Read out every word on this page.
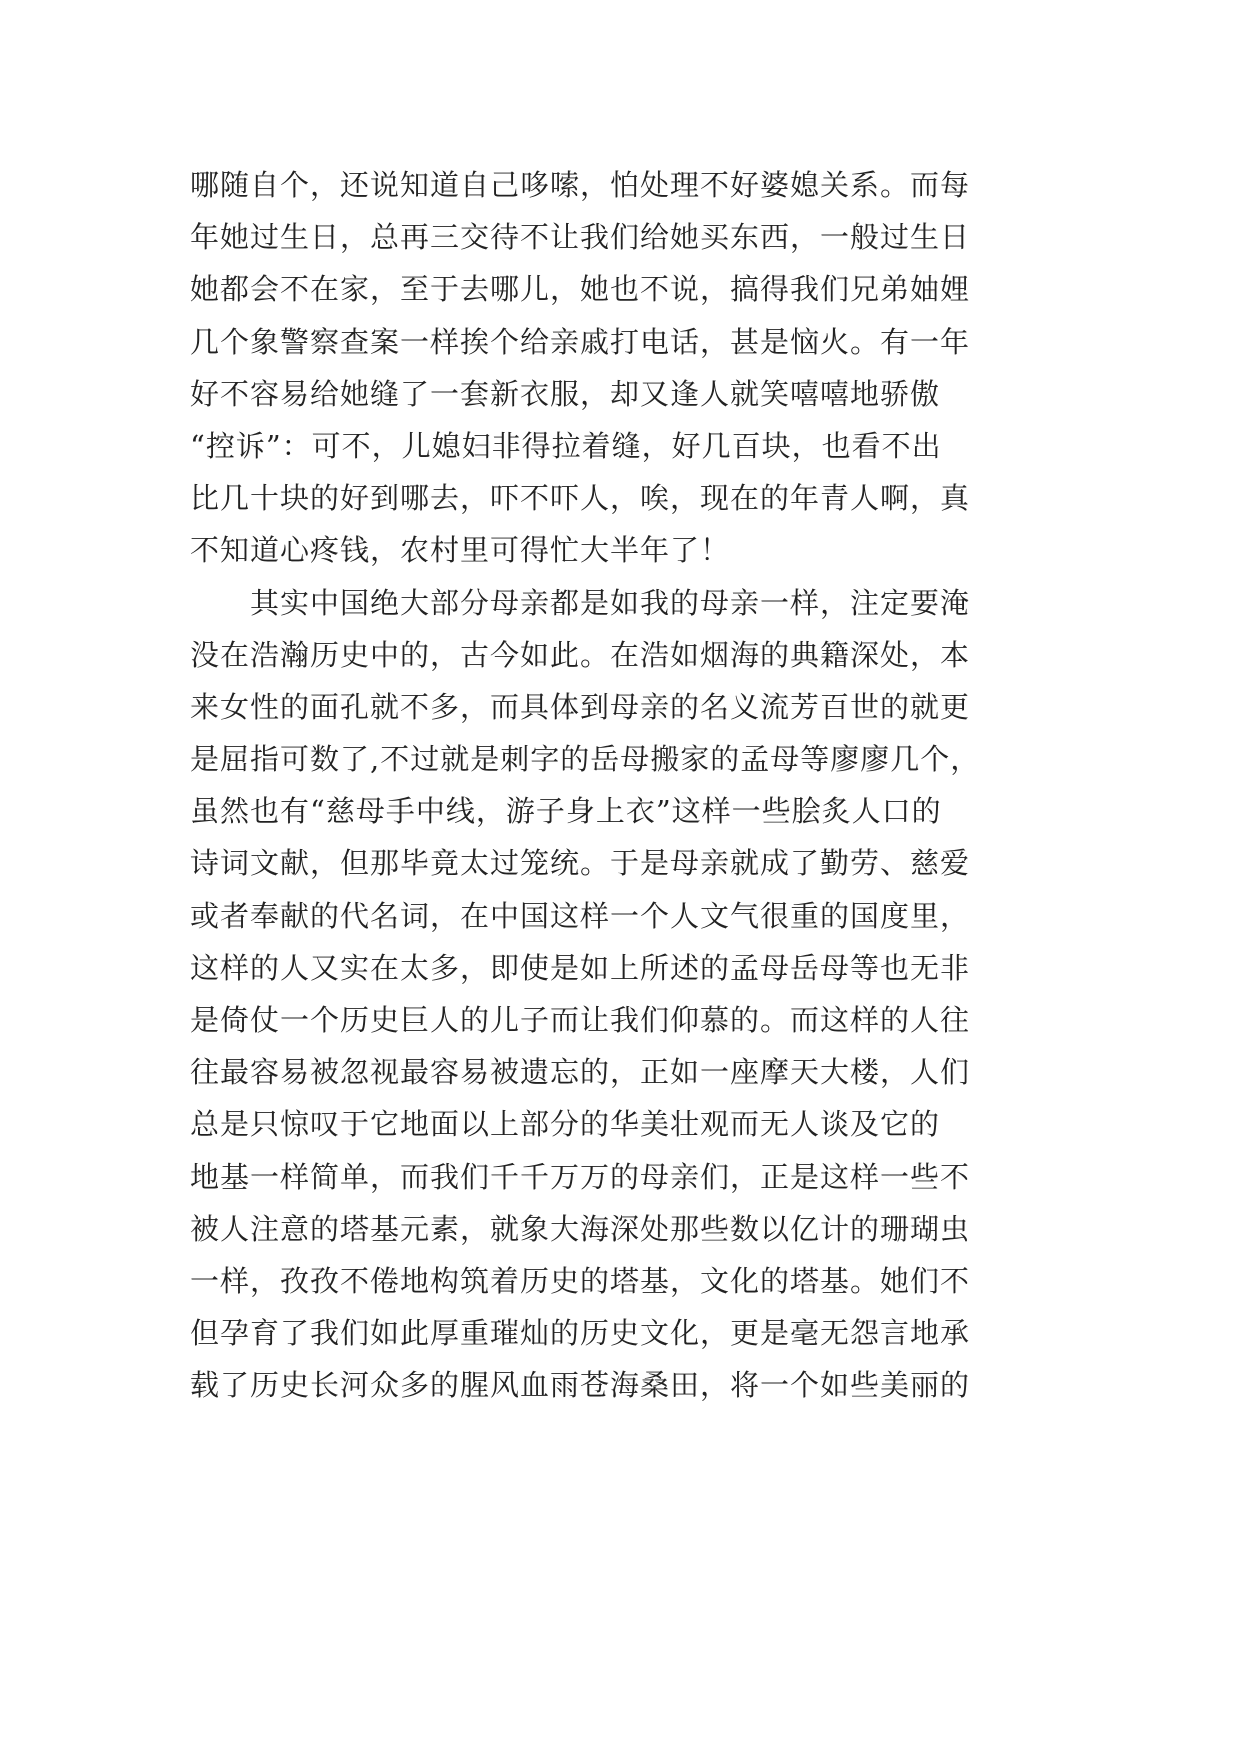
哪随自个，还说知道自己哆嗦，怕处理不好婆媳关系。而每
年她过生日，总再三交待不让我们给她买东西，一般过生日
她都会不在家，至于去哪儿，她也不说，搞得我们兄弟妯娌
几个象警察查案一样挨个给亲戚打电话，甚是恼火。有一年
好不容易给她缝了一套新衣服，却又逢人就笑嘻嘻地骄傲
“控诉”：可不，儿媳妇非得拉着缝，好几百块，也看不出
比几十块的好到哪去，吓不吓人，唉，现在的年青人啊，真
不知道心疼钱，农村里可得忙大半年了！
　　其实中国绝大部分母亲都是如我的母亲一样，注定要淹
没在浩瀚历史中的，古今如此。在浩如烟海的典籍深处，本
来女性的面孔就不多，而具体到母亲的名义流芳百世的就更
是屈指可数了,不过就是刺字的岳母搬家的孟母等廖廖几个，
虽然也有“慈母手中线，游子身上衣”这样一些脍炙人口的
诗词文献，但那毕竟太过笼统。于是母亲就成了勤劳、慈爱
或者奉献的代名词，在中国这样一个人文气很重的国度里，
这样的人又实在太多，即使是如上所述的孟母岳母等也无非
是倚仗一个历史巨人的儿子而让我们仰慕的。而这样的人往
往最容易被忽视最容易被遗忘的，正如一座摩天大楼，人们
总是只惊叹于它地面以上部分的华美壮观而无人谈及它的
地基一样简单，而我们千千万万的母亲们，正是这样一些不
被人注意的塔基元素，就象大海深处那些数以亿计的珊瑚虫
一样，孜孜不倦地构筑着历史的塔基，文化的塔基。她们不
但孕育了我们如此厚重璀灿的历史文化，更是毫无怨言地承
载了历史长河众多的腥风血雨苍海桑田，将一个如些美丽的
